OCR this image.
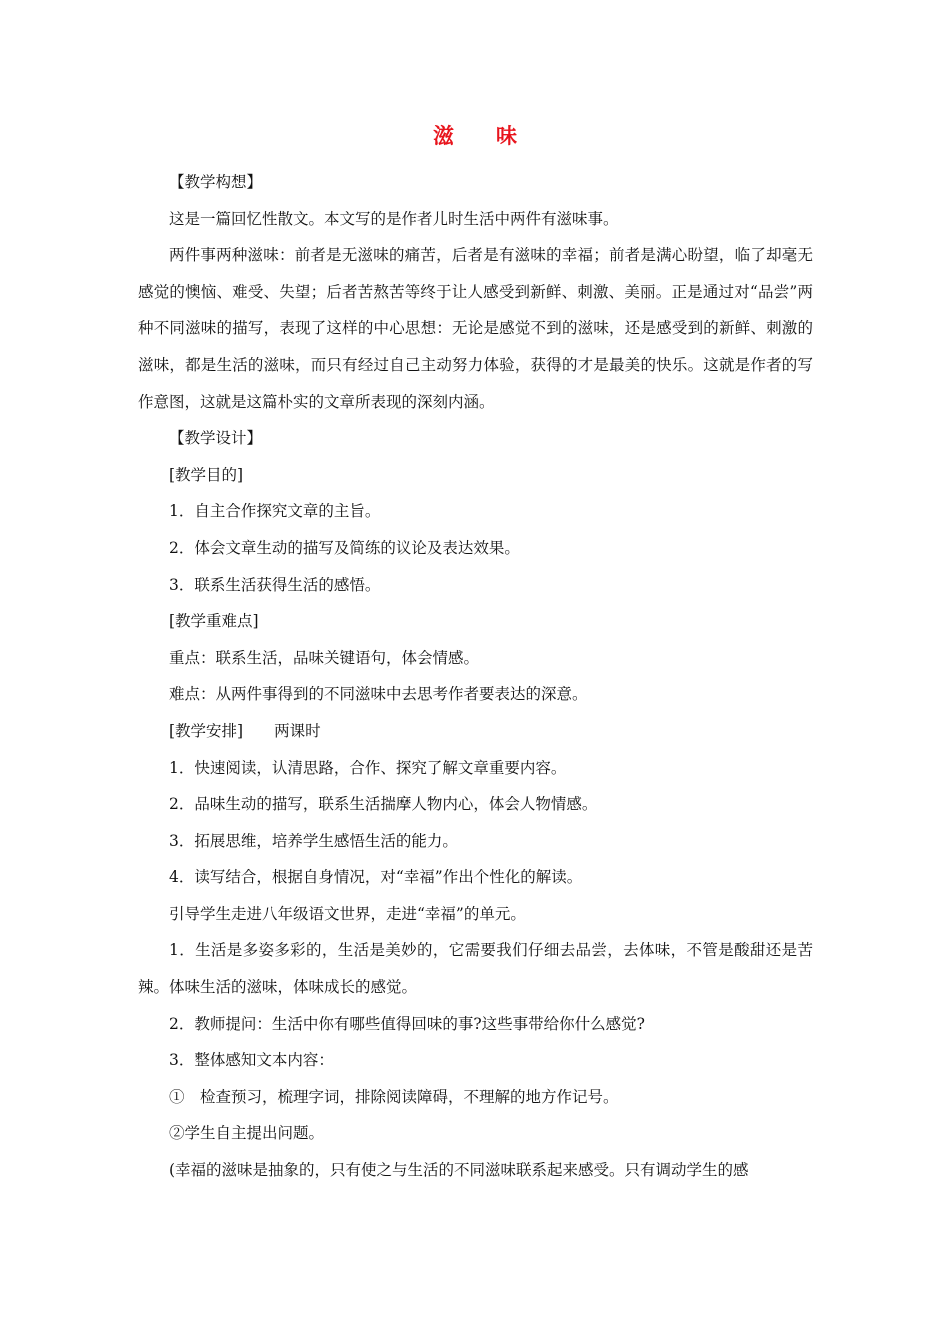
滋　　味

【教学构想】

这是一篇回忆性散文。本文写的是作者儿时生活中两件有滋味事。

两件事两种滋味：前者是无滋味的痛苦，后者是有滋味的幸福；前者是满心盼望，临了却毫无感觉的懊恼、难受、失望；后者苦熬苦等终于让人感受到新鲜、刺激、美丽。正是通过对“品尝”两种不同滋味的描写，表现了这样的中心思想：无论是感觉不到的滋味，还是感受到的新鲜、刺激的滋味，都是生活的滋味，而只有经过自己主动努力体验，获得的才是最美的快乐。这就是作者的写作意图，这就是这篇朴实的文章所表现的深刻内涵。

【教学设计】

[教学目的]

1．自主合作探究文章的主旨。

2．体会文章生动的描写及简练的议论及表达效果。

3．联系生活获得生活的感悟。

[教学重难点]

重点：联系生活，品味关键语句，体会情感。

难点：从两件事得到的不同滋味中去思考作者要表达的深意。

[教学安排]　　两课时

1．快速阅读，认清思路，合作、探究了解文章重要内容。

2．品味生动的描写，联系生活揣摩人物内心，体会人物情感。

3．拓展思维，培养学生感悟生活的能力。

4．读写结合，根据自身情况，对“幸福”作出个性化的解读。

引导学生走进八年级语文世界，走进“幸福”的单元。

1．生活是多姿多彩的，生活是美妙的，它需要我们仔细去品尝，去体味，不管是酸甜还是苦辣。体味生活的滋味，体味成长的感觉。

2．教师提问：生活中你有哪些值得回味的事?这些事带给你什么感觉?

3．整体感知文本内容：

①　检查预习，梳理字词，排除阅读障碍，不理解的地方作记号。

②学生自主提出问题。

(幸福的滋味是抽象的，只有使之与生活的不同滋味联系起来感受。只有调动学生的感
